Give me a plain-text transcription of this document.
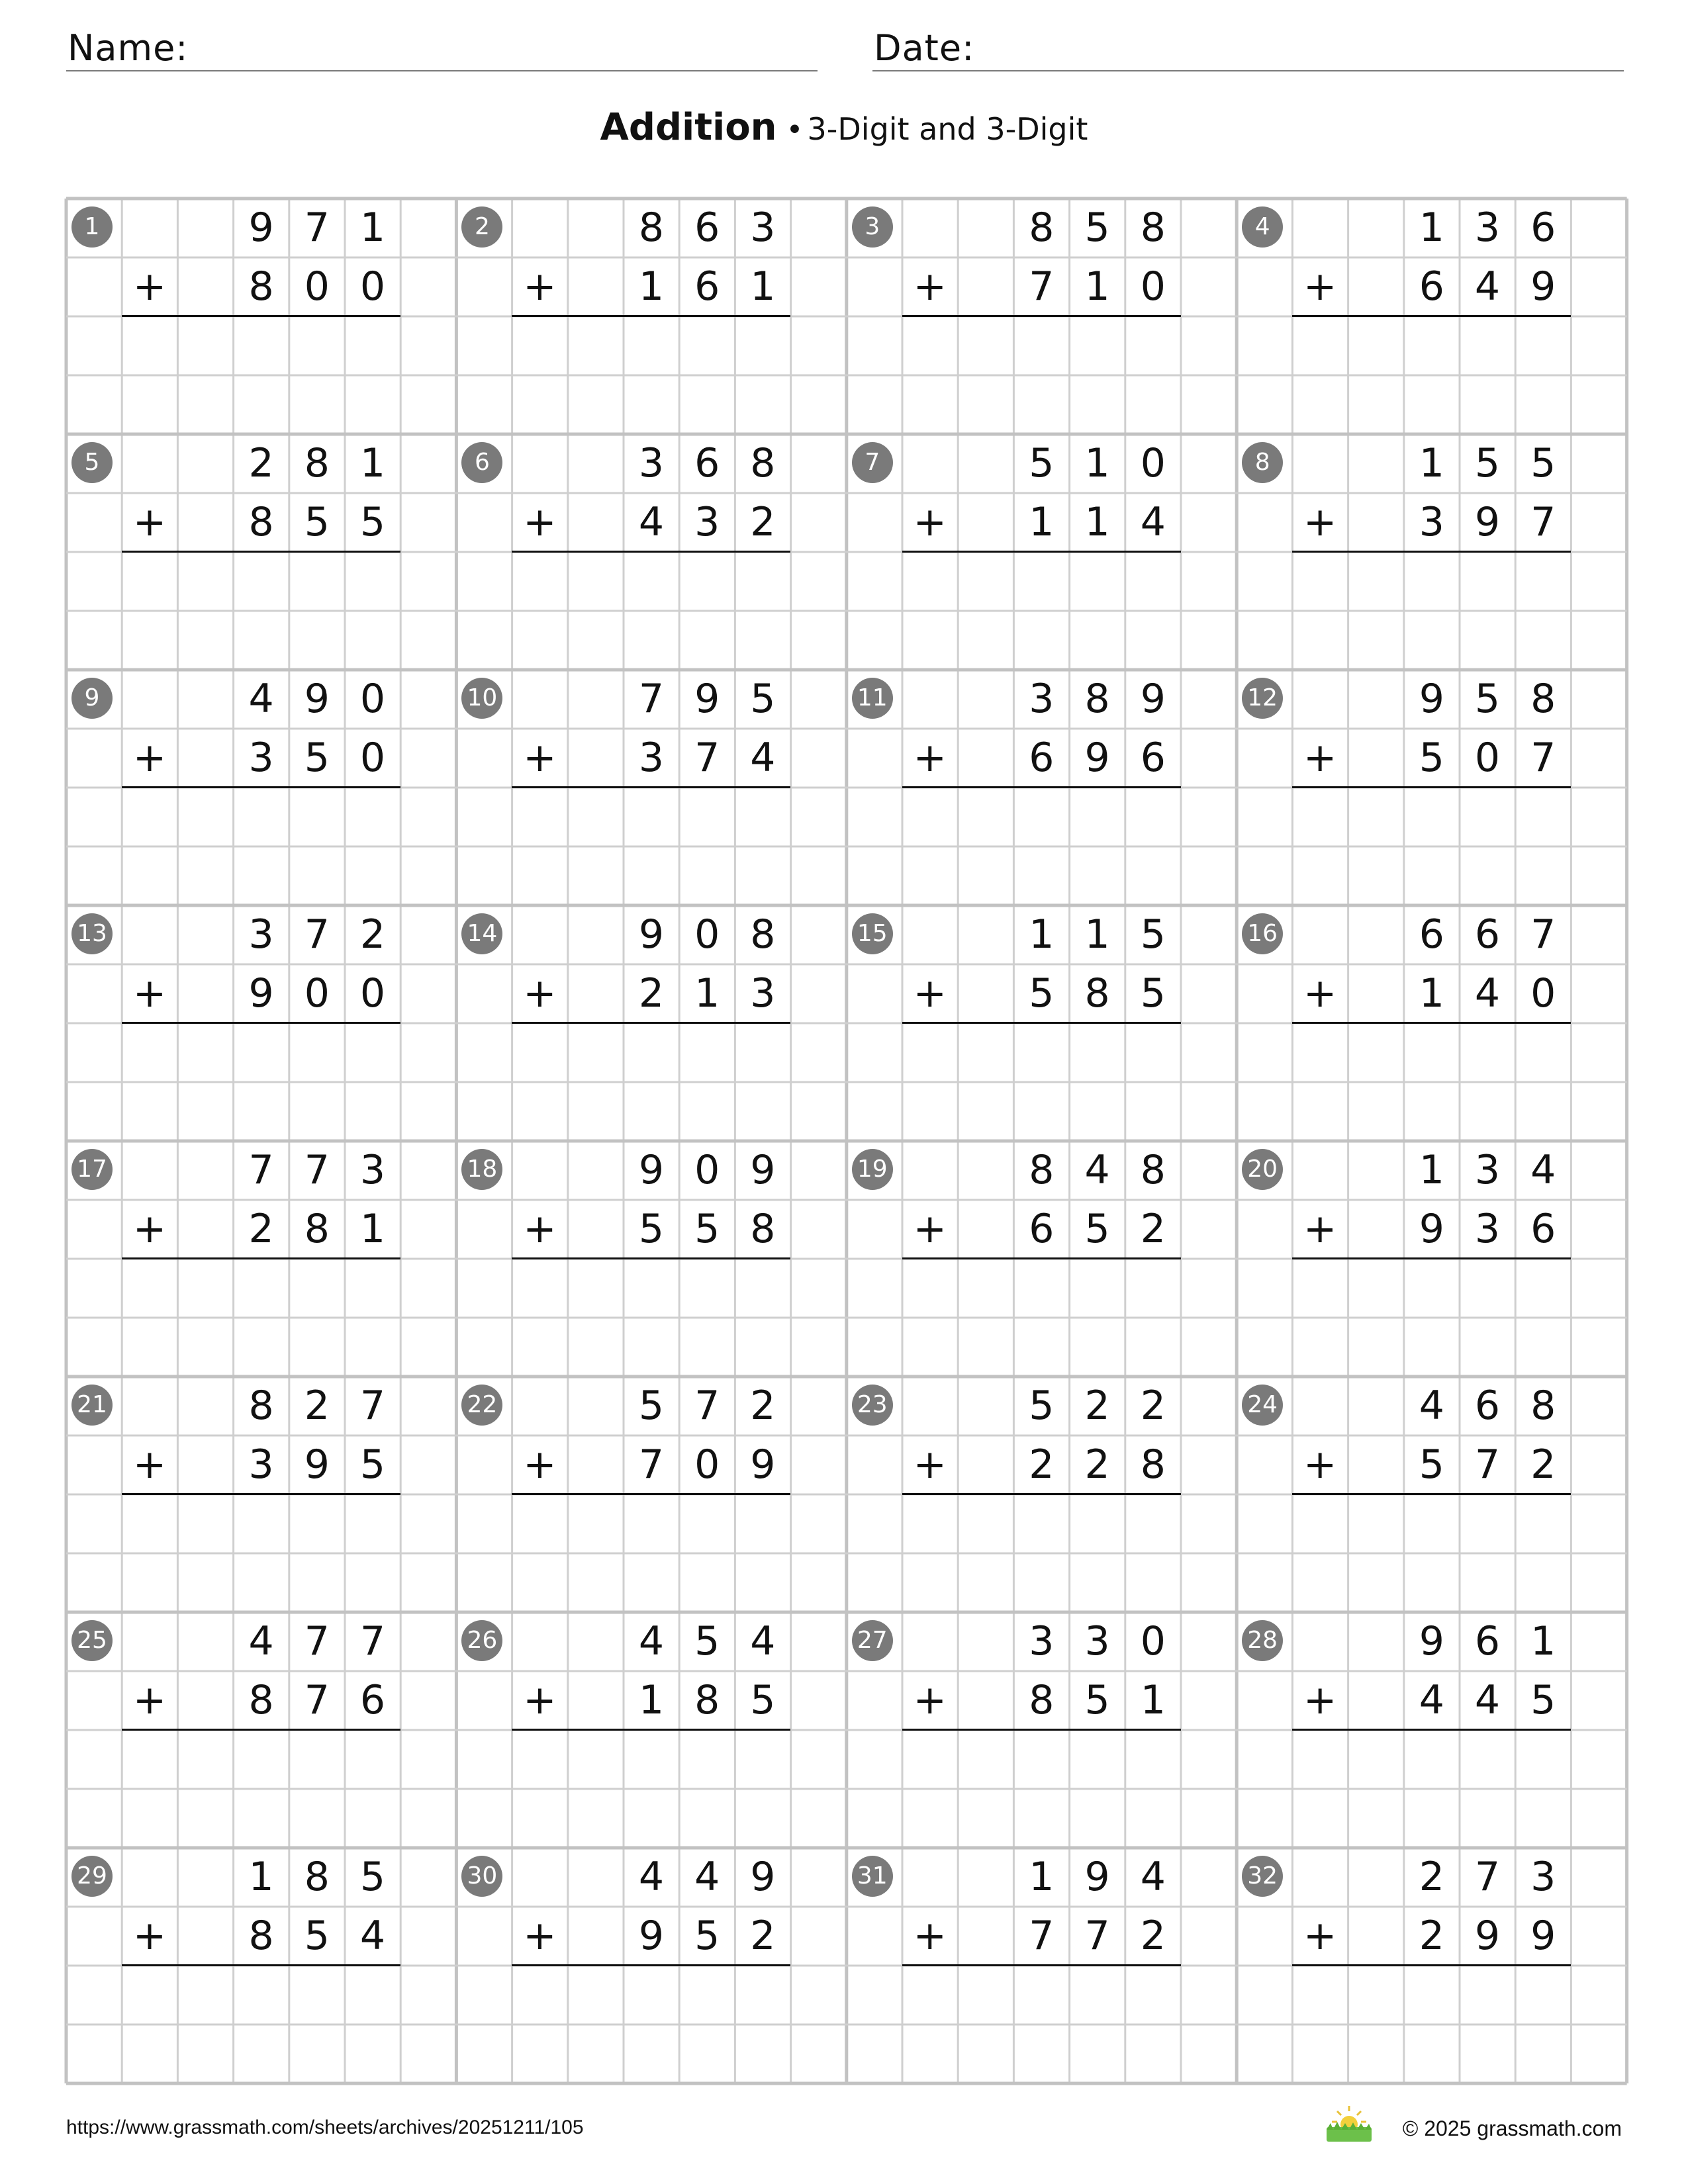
Name:	Date:
Addition • 3-Digit and 3-Digit
1	9 7 1
8 0 0
+
2	8 6 3
1 6 1
+
3	8 5 8
7 1 0
+
4	1 3 6
6 4 9
+
5	2 8 1
8 5 5
+
6	3 6 8
4 3 2
+
7	5 1 0
1 1 4
+
8	1 5 5
3 9 7
+
9	4 9 0
3 5 0
+
10	7 9 5
3 7 4
+
11	3 8 9
6 9 6
+
12	9 5 8
5 0 7
+
13	3 7 2
9 0 0
+
14	9 0 8
2 1 3
+
15	1 1 5
5 8 5
+
16	6 6 7
1 4 0
+
17	7 7 3
2 8 1
+
18	9 0 9
5 5 8
+
19	8 4 8
6 5 2
+
20	1 3 4
9 3 6
+
21	8 2 7
3 9 5
+
22	5 7 2
7 0 9
+
23	5 2 2
2 2 8
+
24	4 6 8
5 7 2
+
25	4 7 7
8 7 6
+
26	4 5 4
1 8 5
+
27	3 3 0
8 5 1
+
28	9 6 1
4 4 5
+
29	1 8 5
8 5 4
+
30	4 4 9
9 5 2
+
31	1 9 4
7 7 2
+
32	2 7 3
2 9 9
+
https://www.grassmath.com/sheets/archives/20251211/105	© 2025 grassmath.com
